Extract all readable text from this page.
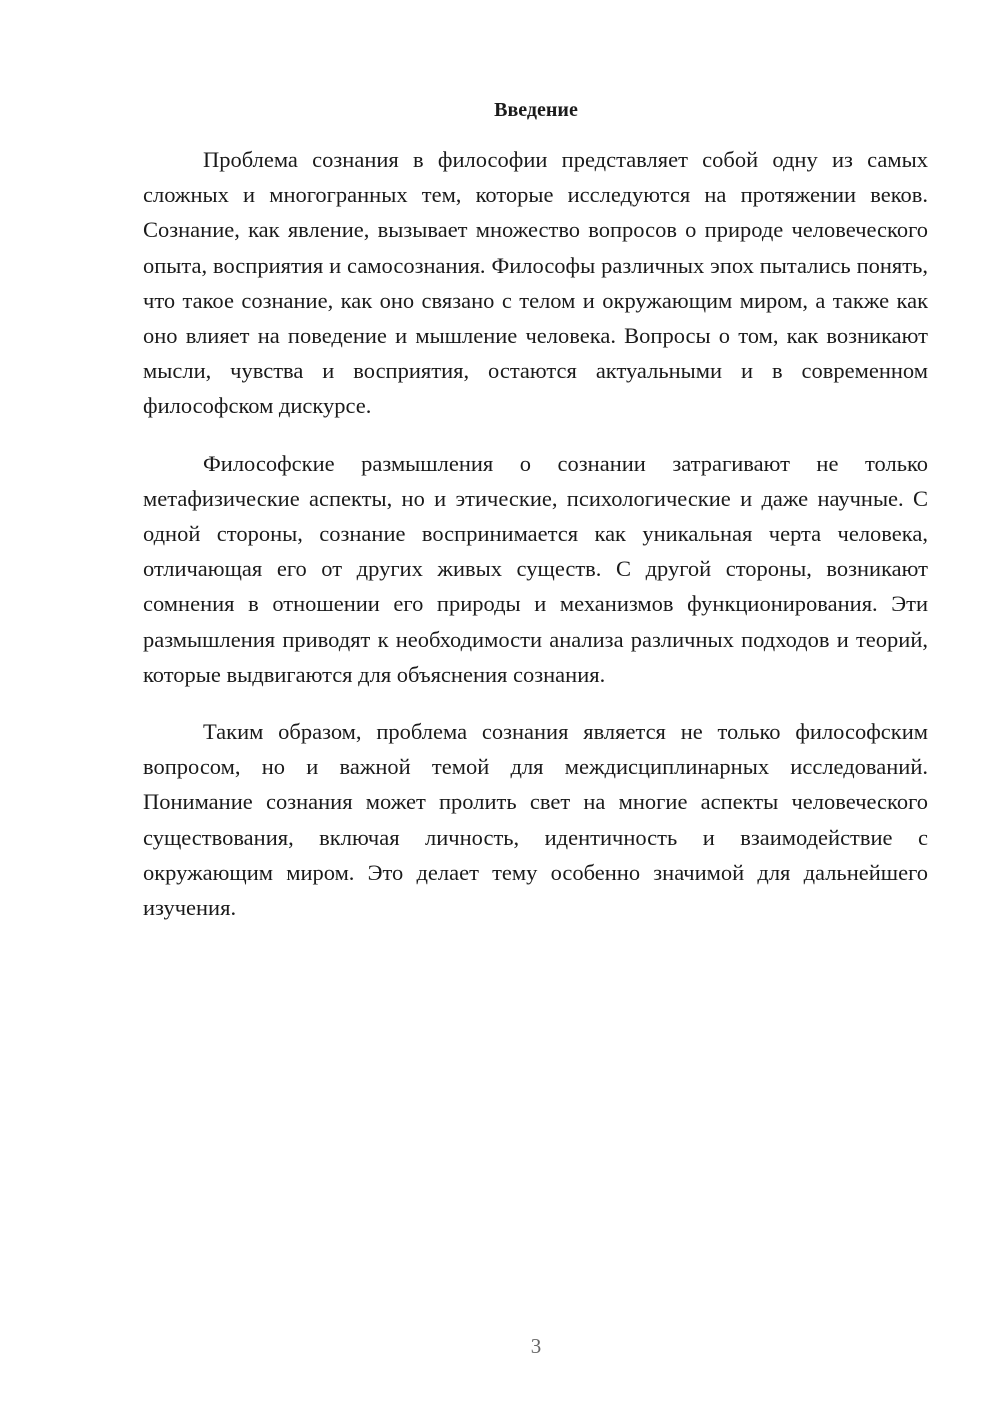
Введение

Проблема сознания в философии представляет собой одну из самых сложных и многогранных тем, которые исследуются на протяжении веков. Сознание, как явление, вызывает множество вопросов о природе человеческого опыта, восприятия и самосознания. Философы различных эпох пытались понять, что такое сознание, как оно связано с телом и окружающим миром, а также как оно влияет на поведение и мышление человека. Вопросы о том, как возникают мысли, чувства и восприятия, остаются актуальными и в современном философском дискурсе.

Философские размышления о сознании затрагивают не только метафизические аспекты, но и этические, психологические и даже научные. С одной стороны, сознание воспринимается как уникальная черта человека, отличающая его от других живых существ. С другой стороны, возникают сомнения в отношении его природы и механизмов функционирования. Эти размышления приводят к необходимости анализа различных подходов и теорий, которые выдвигаются для объяснения сознания.

Таким образом, проблема сознания является не только философским вопросом, но и важной темой для междисциплинарных исследований. Понимание сознания может пролить свет на многие аспекты человеческого существования, включая личность, идентичность и взаимодействие с окружающим миром. Это делает тему особенно значимой для дальнейшего изучения.

3
